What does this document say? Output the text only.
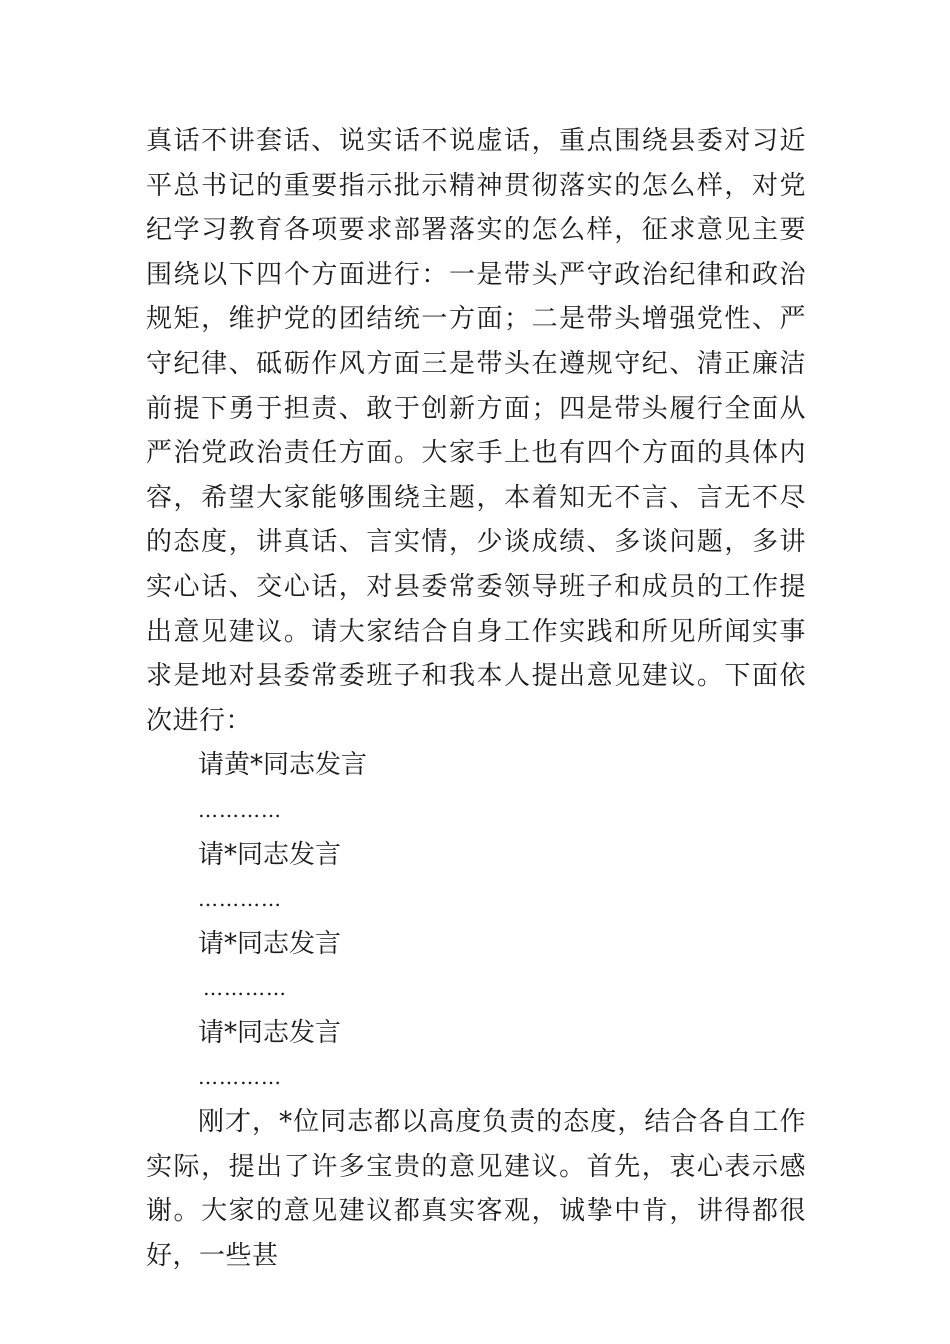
真话不讲套话、说实话不说虚话，重点围绕县委对习近平总书记的重要指示批示精神贯彻落实的怎么样，对党纪学习教育各项要求部署落实的怎么样，征求意见主要围绕以下四个方面进行：一是带头严守政治纪律和政治规矩，维护党的团结统一方面；二是带头增强党性、严守纪律、砥砺作风方面三是带头在遵规守纪、清正廉洁前提下勇于担责、敢于创新方面；四是带头履行全面从严治党政治责任方面。大家手上也有四个方面的具体内容，希望大家能够围绕主题，本着知无不言、言无不尽的态度，讲真话、言实情，少谈成绩、多谈问题，多讲实心话、交心话，对县委常委领导班子和成员的工作提出意见建议。请大家结合自身工作实践和所见所闻实事求是地对县委常委班子和我本人提出意见建议。下面依次进行：

请黄*同志发言

…………

请*同志发言

…………

请*同志发言

…………

请*同志发言

…………

刚才，*位同志都以高度负责的态度，结合各自工作实际，提出了许多宝贵的意见建议。首先，衷心表示感谢。大家的意见建议都真实客观，诚挚中肯，讲得都很好，一些甚
